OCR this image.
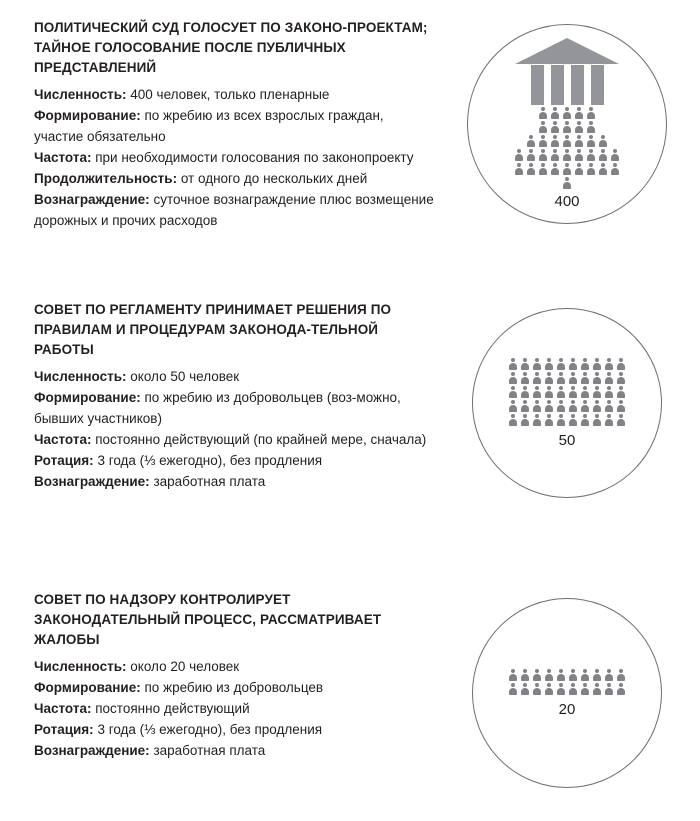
ПОЛИТИЧЕСКИЙ СУД ГОЛОСУЕТ ПО ЗАКОНО-ПРОЕКТАМ; ТАЙНОЕ ГОЛОСОВАНИЕ ПОСЛЕ ПУБЛИЧНЫХ ПРЕДСТАВЛЕНИЙ

Численность: 400 человек, только пленарные

Формирование: по жребию из всех взрослых граждан, участие обязательно

Частота: при необходимости голосования по законопроекту

Продолжительность: от одного до нескольких дней

Вознаграждение: суточное вознаграждение плюс возмещение дорожных и прочих расходов

400
СОВЕТ ПО РЕГЛАМЕНТУ ПРИНИМАЕТ РЕШЕНИЯ ПО ПРАВИЛАМ И ПРОЦЕДУРАМ ЗАКОНОДА-ТЕЛЬНОЙ РАБОТЫ

Численность: около 50 человек

Формирование: по жребию из добровольцев (воз-можно, бывших участников)

Частота: постоянно действующий (по крайней мере, сначала)

Ротация: 3 года (⅓ ежегодно), без продления

Вознаграждение: заработная плата

50
СОВЕТ ПО НАДЗОРУ КОНТРОЛИРУЕТ ЗАКОНОДАТЕЛЬНЫЙ ПРОЦЕСС, РАССМАТРИВАЕТ ЖАЛОБЫ

Численность: около 20 человек

Формирование: по жребию из добровольцев

Частота: постоянно действующий

Ротация: 3 года (⅓ ежегодно), без продления

Вознаграждение: заработная плата

20
